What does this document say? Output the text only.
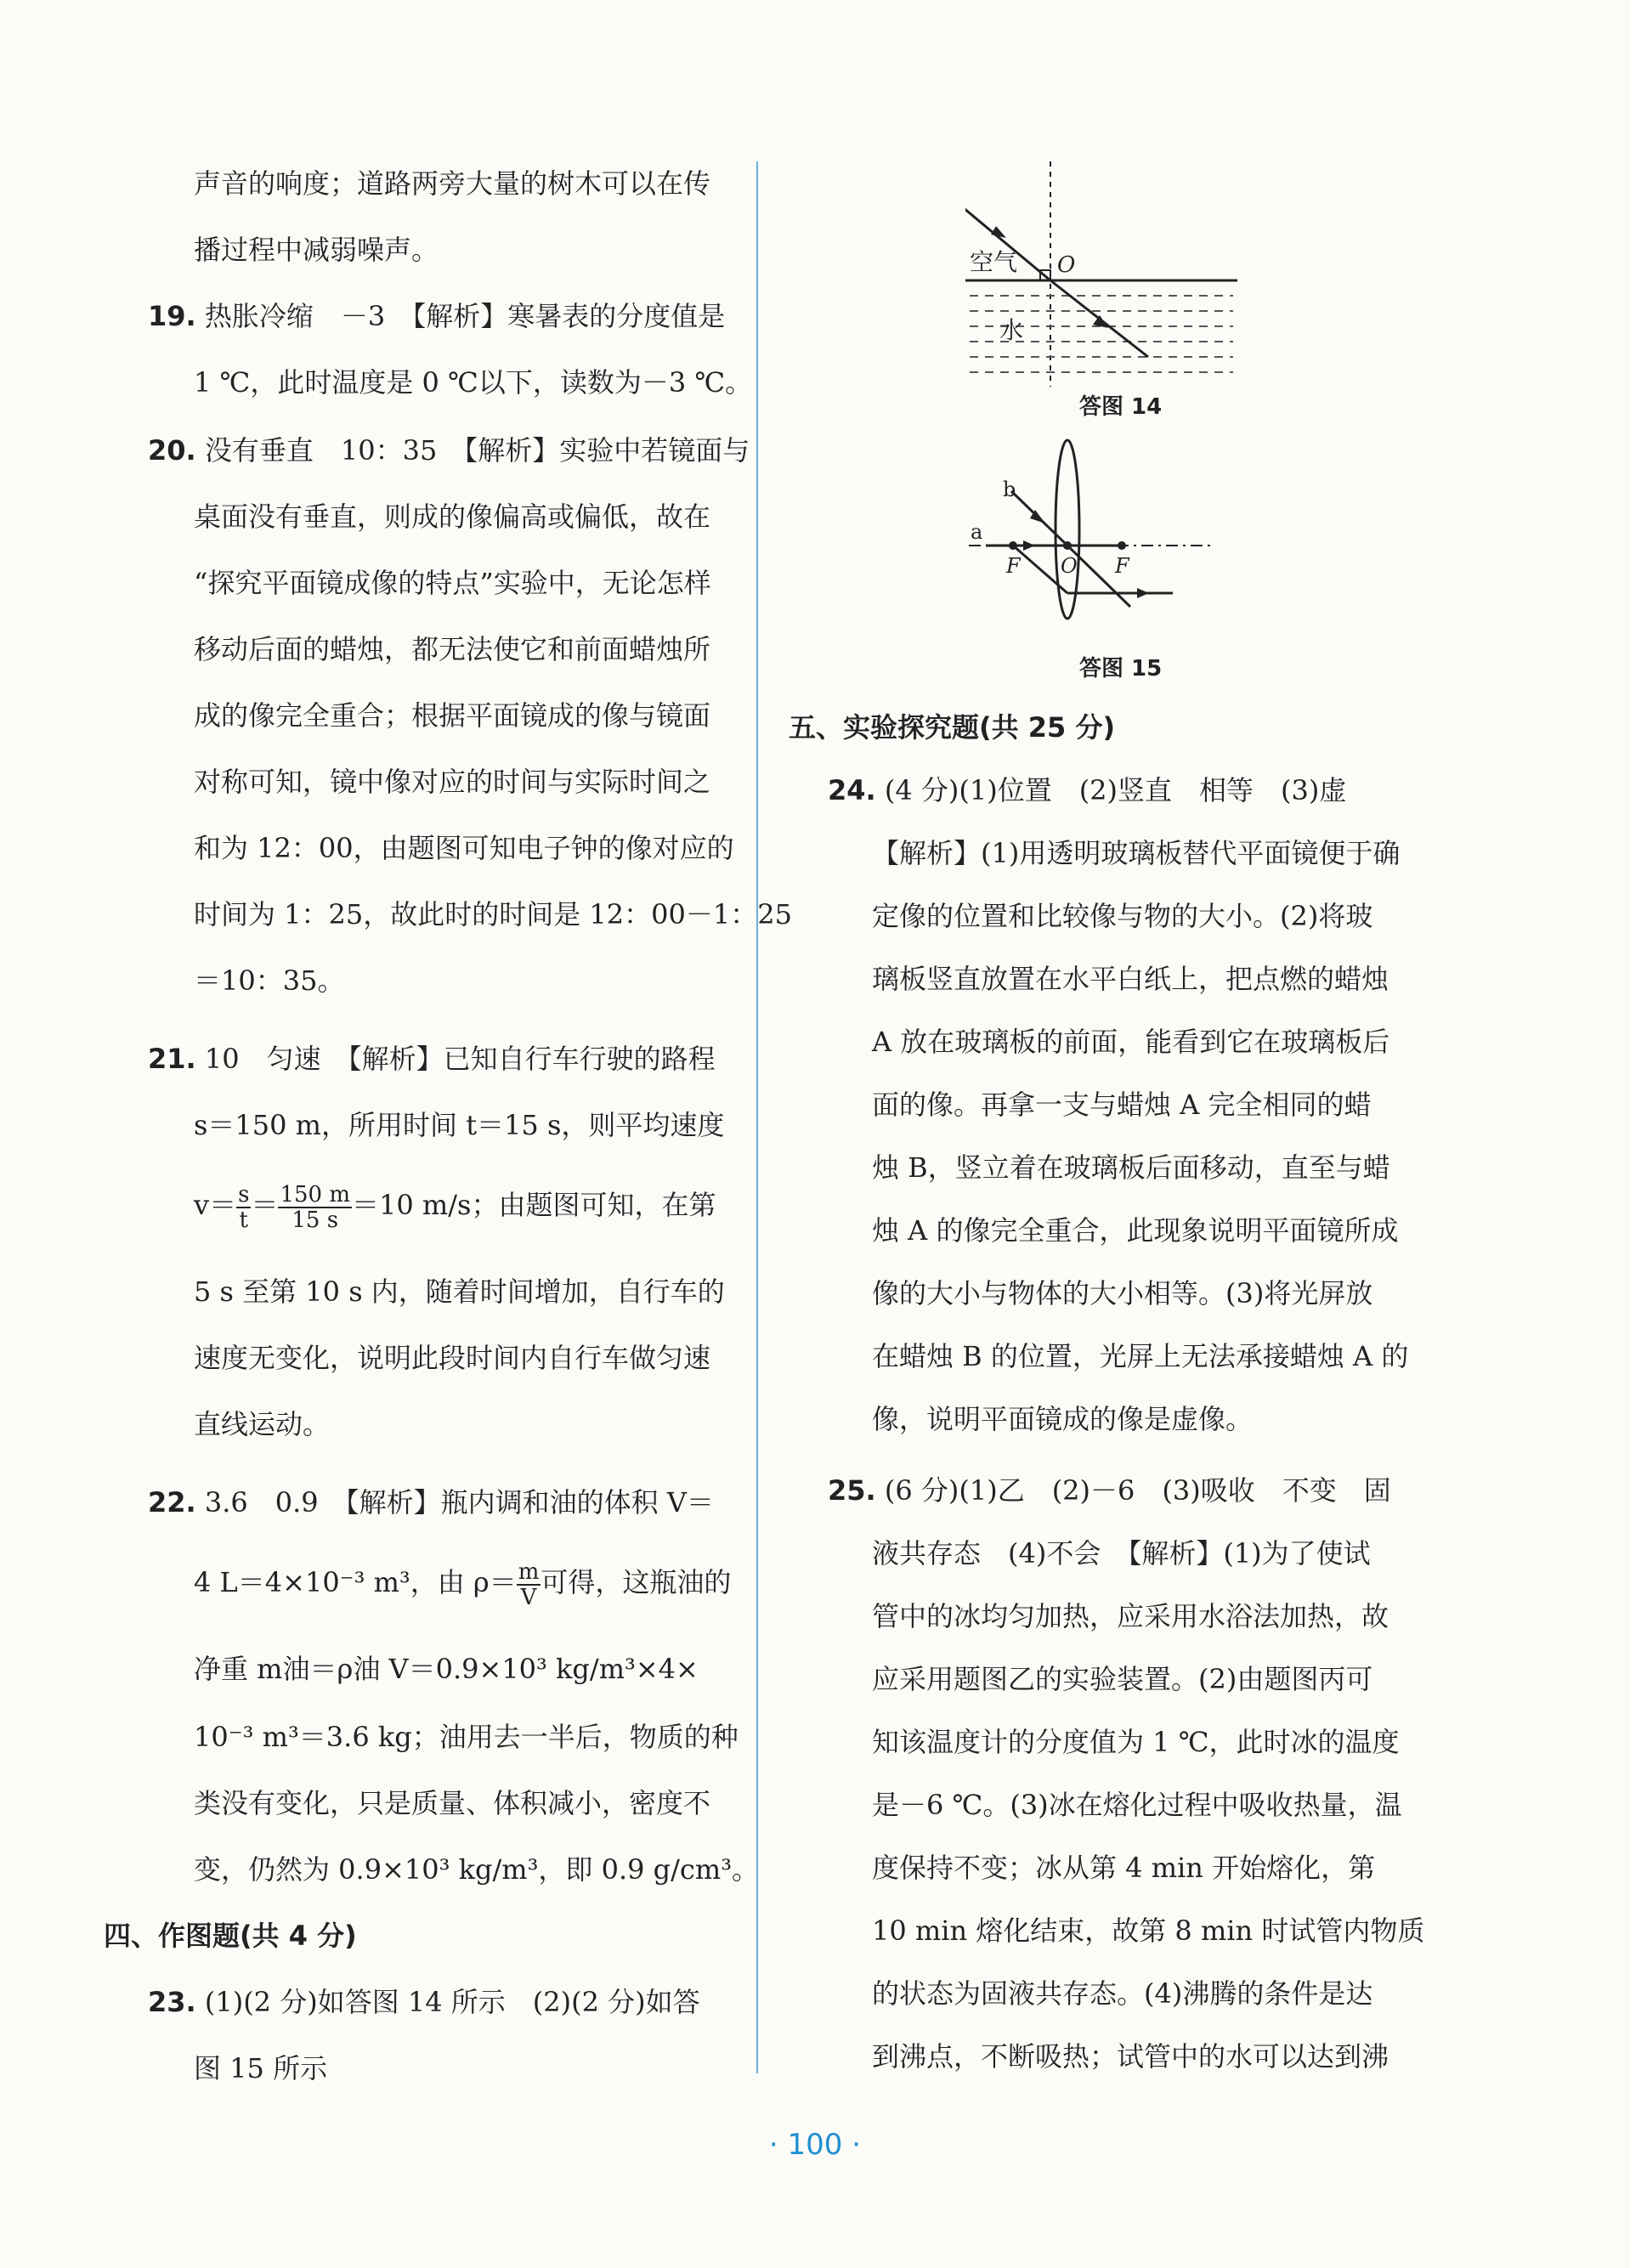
声音的响度；道路两旁大量的树木可以在传
播过程中减弱噪声。
19. 热胀冷缩　－3　【解析】寒暑表的分度值是
1 ℃，此时温度是 0 ℃以下，读数为－3 ℃。
20. 没有垂直　10：35　【解析】实验中若镜面与
桌面没有垂直，则成的像偏高或偏低，故在
“探究平面镜成像的特点”实验中，无论怎样
移动后面的蜡烛，都无法使它和前面蜡烛所
成的像完全重合；根据平面镜成的像与镜面
对称可知，镜中像对应的时间与实际时间之
和为 12：00，由题图可知电子钟的像对应的
时间为 1：25，故此时的时间是 12：00－1：25
＝10：35。
21. 10　匀速　【解析】已知自行车行驶的路程
s＝150 m，所用时间 t＝15 s，则平均速度
$v= \frac{s}{t} = \frac{150 m}{15 s} =10$ m/s；由题图可知，在第
5 s 至第 10 s 内，随着时间增加，自行车的
速度无变化，说明此段时间内自行车做匀速
直线运动。
22. 3.6　0.9　【解析】瓶内调和油的体积 V＝
4 L＝4×10⁻³ m³，由 $\rho= \frac{m}{V}$ 可得，这瓶油的
净重 m油＝ρ油 V＝0.9×10³ kg/m³×4×
10⁻³ m³＝3.6 kg；油用去一半后，物质的种
类没有变化，只是质量、体积减小，密度不
变，仍然为 0.9×10³ kg/m³，即 0.9 g/cm³。
四、作图题(共 4 分)
23. (1)(2 分)如答图 14 所示　(2)(2 分)如答
图 15 所示
空气
水
O
答图 14
a
b
F O F
答图 15
五、实验探究题(共 25 分)
24. (4 分)(1)位置　(2)竖直　相等　(3)虚
【解析】(1)用透明玻璃板替代平面镜便于确
定像的位置和比较像与物的大小。(2)将玻
璃板竖直放置在水平白纸上，把点燃的蜡烛
A 放在玻璃板的前面，能看到它在玻璃板后
面的像。再拿一支与蜡烛 A 完全相同的蜡
烛 B，竖立着在玻璃板后面移动，直至与蜡
烛 A 的像完全重合，此现象说明平面镜所成
像的大小与物体的大小相等。(3)将光屏放
在蜡烛 B 的位置，光屏上无法承接蜡烛 A 的
像，说明平面镜成的像是虚像。
25. (6 分)(1)乙　(2)－6　(3)吸收　不变　固
液共存态　(4)不会　【解析】(1)为了使试
管中的冰均匀加热，应采用水浴法加热，故
应采用题图乙的实验装置。(2)由题图丙可
知该温度计的分度值为 1 ℃，此时冰的温度
是－6 ℃。(3)冰在熔化过程中吸收热量，温
度保持不变；冰从第 4 min 开始熔化，第
10 min 熔化结束，故第 8 min 时试管内物质
的状态为固液共存态。(4)沸腾的条件是达
到沸点，不断吸热；试管中的水可以达到沸
· 100 ·
